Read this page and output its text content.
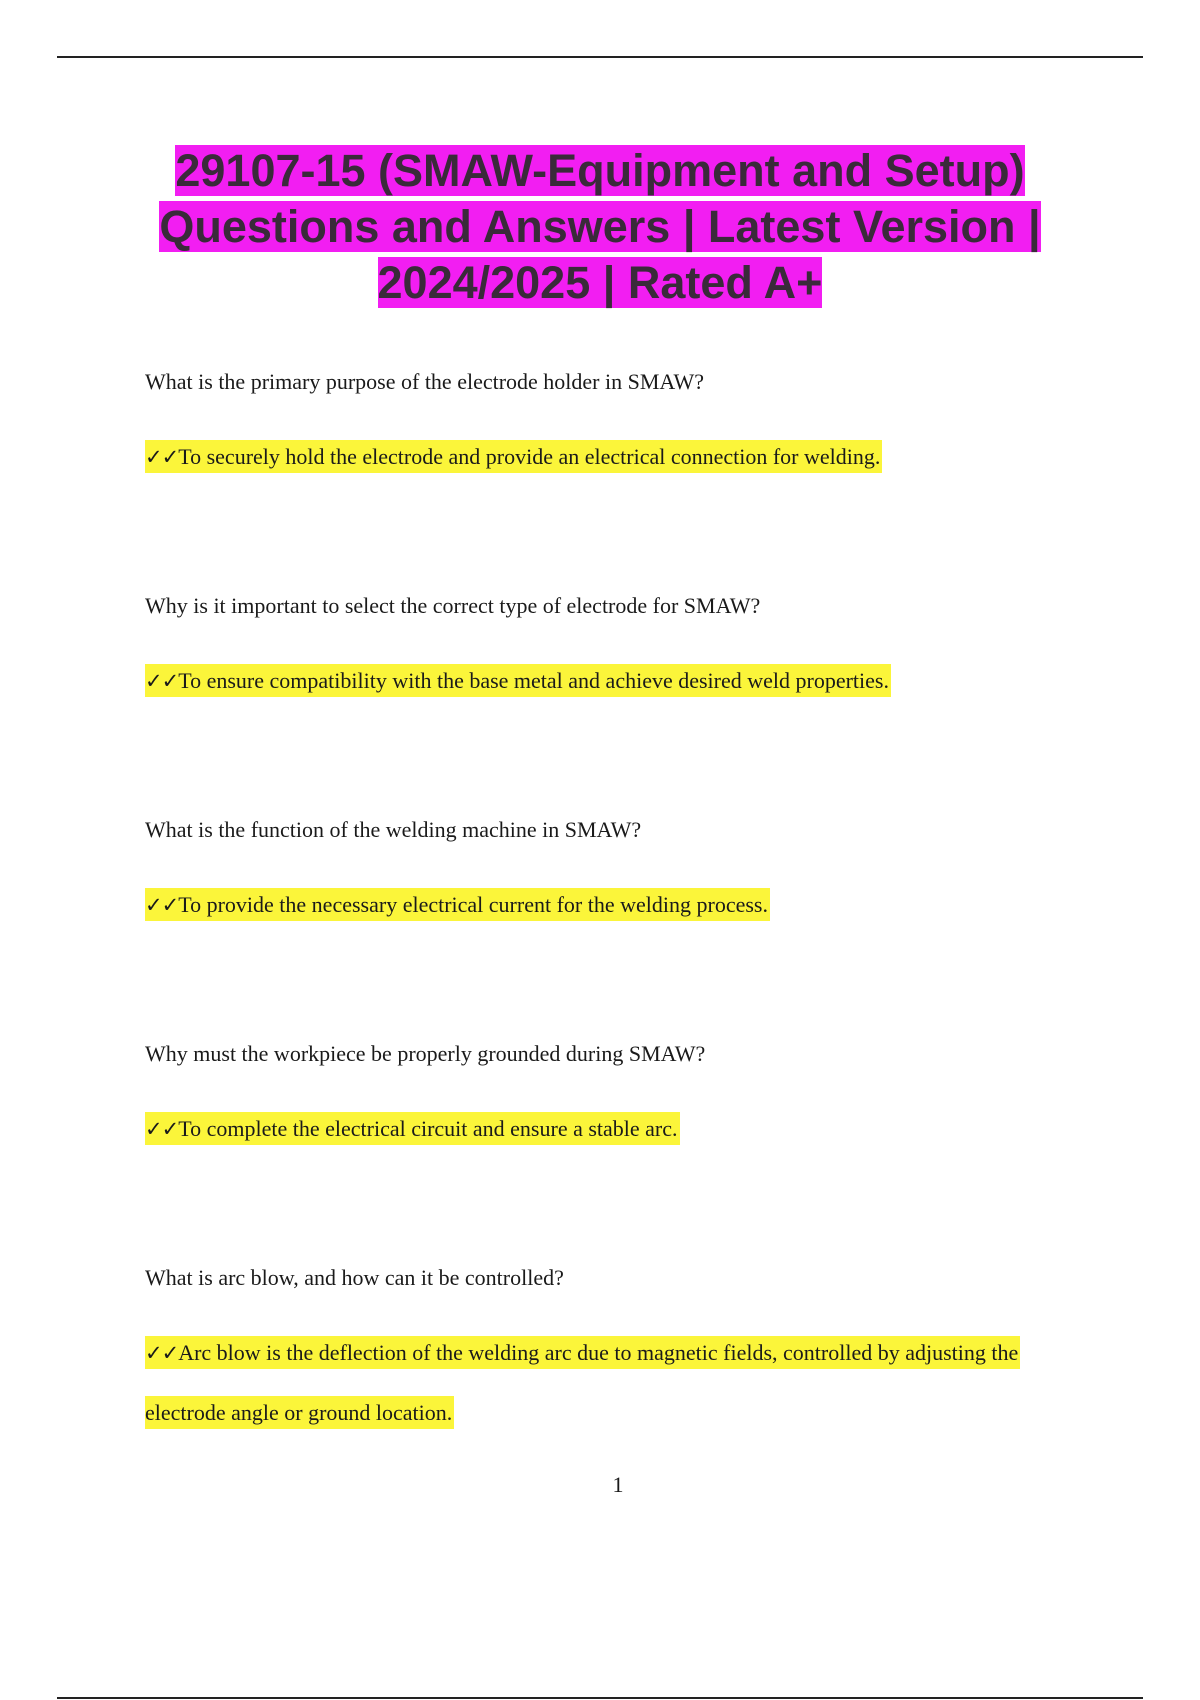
29107-15 (SMAW-Equipment and Setup) Questions and Answers | Latest Version | 2024/2025 | Rated A+

What is the primary purpose of the electrode holder in SMAW?

✓✓To securely hold the electrode and provide an electrical connection for welding.

Why is it important to select the correct type of electrode for SMAW?

✓✓To ensure compatibility with the base metal and achieve desired weld properties.

What is the function of the welding machine in SMAW?

✓✓To provide the necessary electrical current for the welding process.

Why must the workpiece be properly grounded during SMAW?

✓✓To complete the electrical circuit and ensure a stable arc.

What is arc blow, and how can it be controlled?

✓✓Arc blow is the deflection of the welding arc due to magnetic fields, controlled by adjusting the electrode angle or ground location.

1
